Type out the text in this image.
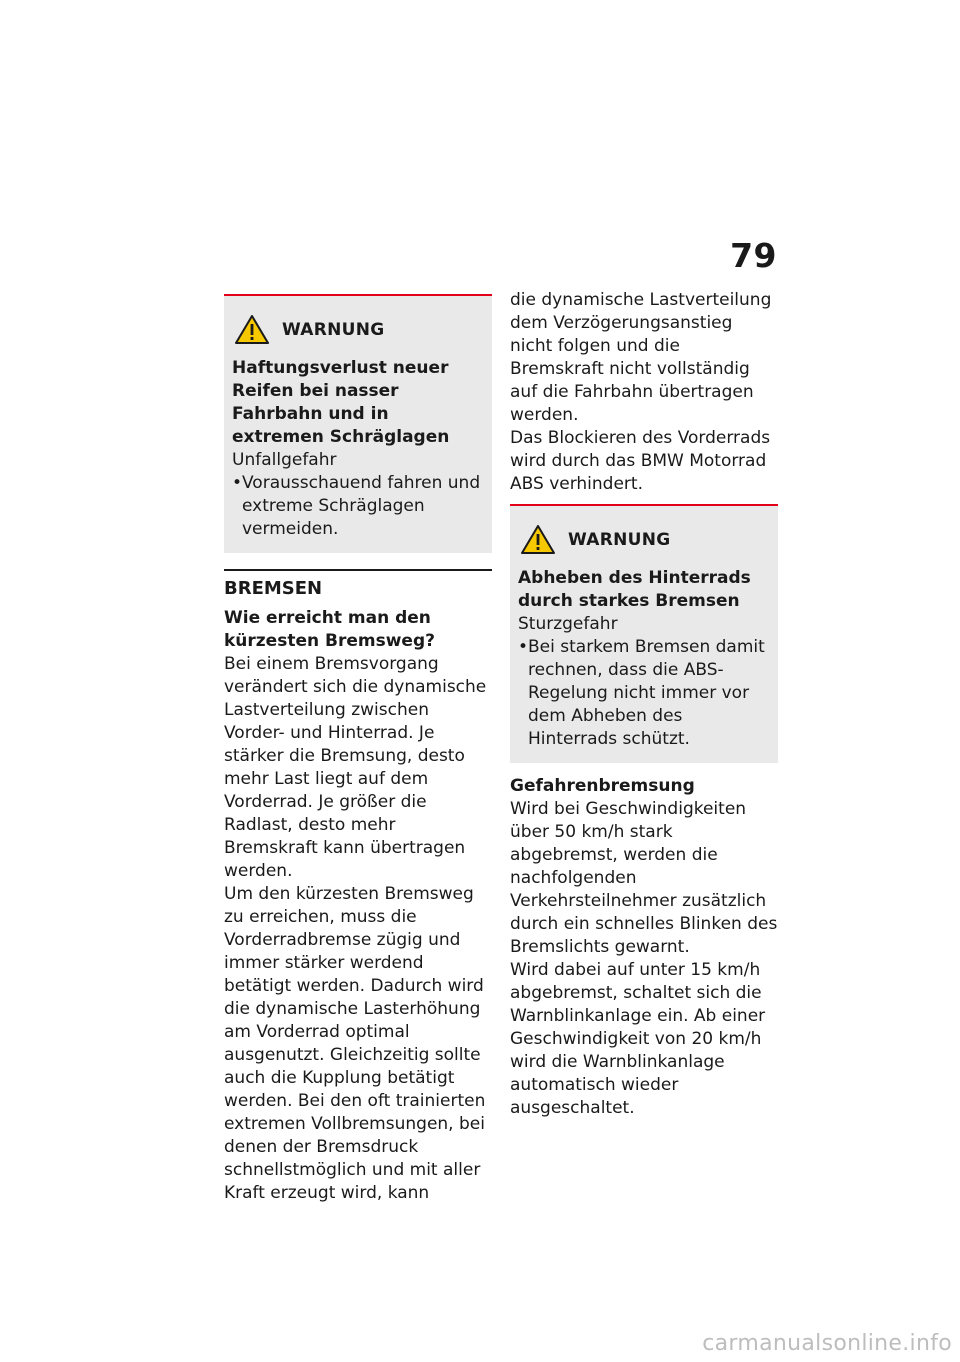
79
WARNUNG
Haftungsverlust neuer Reifen bei nasser Fahrbahn und in extremen Schräglagen
Unfallgefahr
• Vorausschauend fahren und extreme Schräglagen vermeiden.
BREMSEN
Wie erreicht man den kürzesten Bremsweg?

Bei einem Bremsvorgang verändert sich die dynamische Lastverteilung zwischen Vorder- und Hinterrad. Je stärker die Bremsung, desto mehr Last liegt auf dem Vorderrad. Je größer die Radlast, desto mehr Bremskraft kann übertragen werden.

Um den kürzesten Bremsweg zu erreichen, muss die Vorderradbremse zügig und immer stärker werdend betätigt werden. Dadurch wird die dynamische Lasterhöhung am Vorderrad optimal ausgenutzt. Gleichzeitig sollte auch die Kupplung betätigt werden. Bei den oft trainierten extremen Vollbremsungen, bei denen der Bremsdruck schnellstmöglich und mit aller Kraft erzeugt wird, kann

die dynamische Lastverteilung dem Verzögerungsanstieg nicht folgen und die Bremskraft nicht vollständig auf die Fahrbahn übertragen werden.

Das Blockieren des Vorderrads wird durch das BMW Motorrad ABS verhindert.

WARNUNG
Abheben des Hinterrads durch starkes Bremsen
Sturzgefahr
• Bei starkem Bremsen damit rechnen, dass die ABS-Regelung nicht immer vor dem Abheben des Hinterrads schützt.
Gefahrenbremsung

Wird bei Geschwindigkeiten über 50 km/h stark abgebremst, werden die nachfolgenden Verkehrsteilnehmer zusätzlich durch ein schnelles Blinken des Bremslichts gewarnt.

Wird dabei auf unter 15 km/h abgebremst, schaltet sich die Warnblinkanlage ein. Ab einer Geschwindigkeit von 20 km/h wird die Warnblinkanlage automatisch wieder ausgeschaltet.

carmanualsonline.info
